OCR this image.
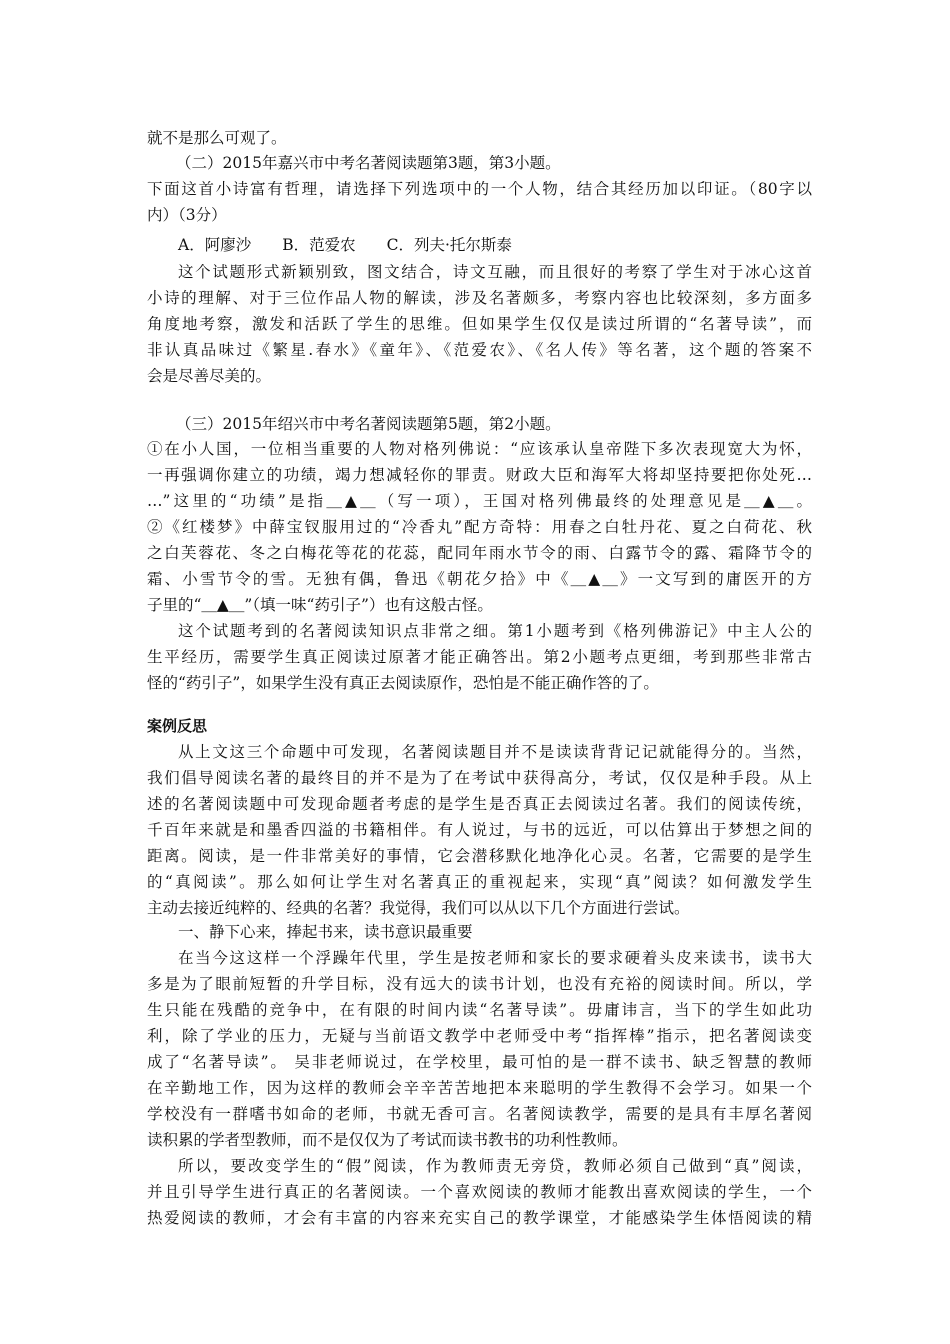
就不是那么可观了。
（二）2015年嘉兴市中考名著阅读题第3题，第3小题。
下面这首小诗富有哲理，请选择下列选项中的一个人物，结合其经历加以印证。（80字以
内）（3分）
A．阿廖沙　　B．范爱农　　C．列夫·托尔斯泰
这个试题形式新颖别致，图文结合，诗文互融，而且很好的考察了学生对于冰心这首
小诗的理解、对于三位作品人物的解读，涉及名著颇多，考察内容也比较深刻，多方面多
角度地考察，激发和活跃了学生的思维。但如果学生仅仅是读过所谓的“名著导读”，而
非认真品味过《繁星.春水》《童年》、《范爱农》、《名人传》等名著，这个题的答案不
会是尽善尽美的。
（三）2015年绍兴市中考名著阅读题第5题，第2小题。
①在小人国，一位相当重要的人物对格列佛说：“应该承认皇帝陛下多次表现宽大为怀，
一再强调你建立的功绩，竭力想减轻你的罪责。财政大臣和海军大将却坚持要把你处死…
…”这里的“功绩”是指＿▲＿（写一项），王国对格列佛最终的处理意见是＿▲＿。
②《红楼梦》中薛宝钗服用过的“冷香丸”配方奇特：用春之白牡丹花、夏之白荷花、秋
之白芙蓉花、冬之白梅花等花的花蕊，配同年雨水节令的雨、白露节令的露、霜降节令的
霜、小雪节令的雪。无独有偶，鲁迅《朝花夕拾》中《＿▲＿》一文写到的庸医开的方
子里的“＿▲＿”（填一味“药引子”）也有这般古怪。
这个试题考到的名著阅读知识点非常之细。第1小题考到《格列佛游记》中主人公的
生平经历，需要学生真正阅读过原著才能正确答出。第2小题考点更细，考到那些非常古
怪的“药引子”，如果学生没有真正去阅读原作，恐怕是不能正确作答的了。
案例反思
从上文这三个命题中可发现，名著阅读题目并不是读读背背记记就能得分的。当然，
我们倡导阅读名著的最终目的并不是为了在考试中获得高分，考试，仅仅是种手段。从上
述的名著阅读题中可发现命题者考虑的是学生是否真正去阅读过名著。我们的阅读传统，
千百年来就是和墨香四溢的书籍相伴。有人说过，与书的远近，可以估算出于梦想之间的
距离。阅读，是一件非常美好的事情，它会潜移默化地净化心灵。名著，它需要的是学生
的“真阅读”。那么如何让学生对名著真正的重视起来，实现“真”阅读？如何激发学生
主动去接近纯粹的、经典的名著？我觉得，我们可以从以下几个方面进行尝试。
一、静下心来，捧起书来，读书意识最重要
在当今这这样一个浮躁年代里，学生是按老师和家长的要求硬着头皮来读书，读书大
多是为了眼前短暂的升学目标，没有远大的读书计划，也没有充裕的阅读时间。所以，学
生只能在残酷的竞争中，在有限的时间内读“名著导读”。毋庸讳言，当下的学生如此功
利，除了学业的压力，无疑与当前语文教学中老师受中考“指挥棒”指示，把名著阅读变
成了“名著导读”。 吴非老师说过，在学校里，最可怕的是一群不读书、缺乏智慧的教师
在辛勤地工作，因为这样的教师会辛辛苦苦地把本来聪明的学生教得不会学习。如果一个
学校没有一群嗜书如命的老师，书就无香可言。名著阅读教学，需要的是具有丰厚名著阅
读积累的学者型教师，而不是仅仅为了考试而读书教书的功利性教师。
所以，要改变学生的“假”阅读，作为教师责无旁贷，教师必须自己做到“真”阅读，
并且引导学生进行真正的名著阅读。一个喜欢阅读的教师才能教出喜欢阅读的学生，一个
热爱阅读的教师，才会有丰富的内容来充实自己的教学课堂，才能感染学生体悟阅读的精
